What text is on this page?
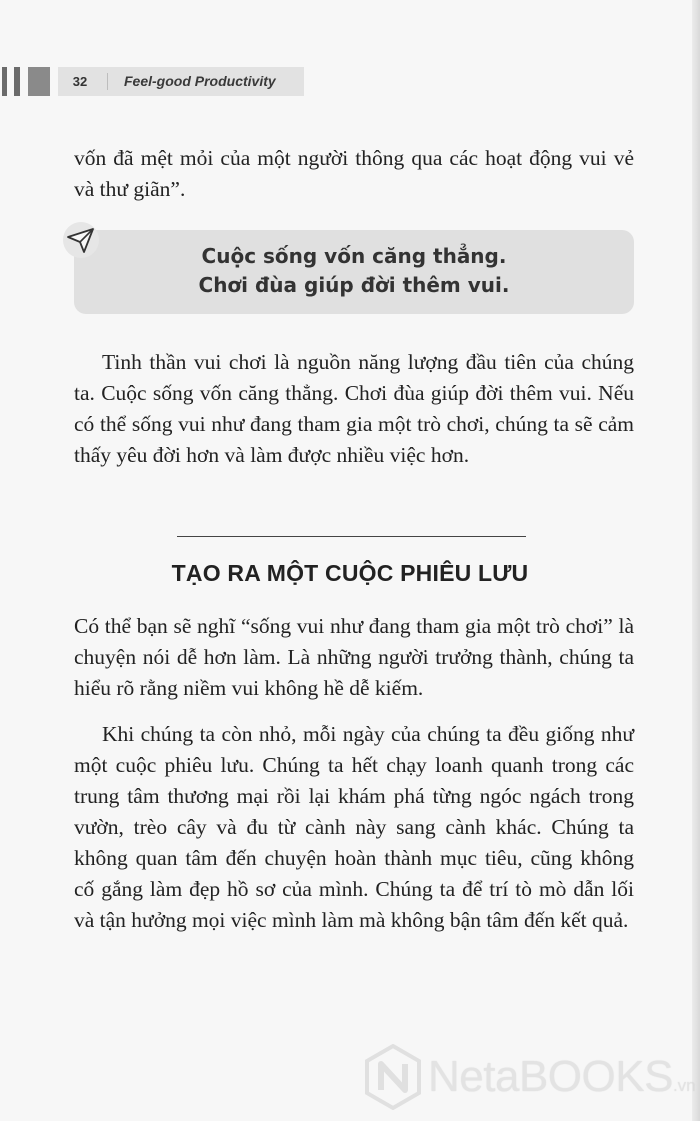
32	Feel-good Productivity

vốn đã mệt mỏi của một người thông qua các hoạt động vui vẻ và thư giãn”.

Cuộc sống vốn căng thẳng.
Chơi đùa giúp đời thêm vui.

Tinh thần vui chơi là nguồn năng lượng đầu tiên của chúng ta. Cuộc sống vốn căng thẳng. Chơi đùa giúp đời thêm vui. Nếu có thể sống vui như đang tham gia một trò chơi, chúng ta sẽ cảm thấy yêu đời hơn và làm được nhiều việc hơn.

TẠO RA MỘT CUỘC PHIÊU LƯU

Có thể bạn sẽ nghĩ “sống vui như đang tham gia một trò chơi” là chuyện nói dễ hơn làm. Là những người trưởng thành, chúng ta hiểu rõ rằng niềm vui không hề dễ kiếm.

Khi chúng ta còn nhỏ, mỗi ngày của chúng ta đều giống như một cuộc phiêu lưu. Chúng ta hết chạy loanh quanh trong các trung tâm thương mại rồi lại khám phá từng ngóc ngách trong vườn, trèo cây và đu từ cành này sang cành khác. Chúng ta không quan tâm đến chuyện hoàn thành mục tiêu, cũng không cố gắng làm đẹp hồ sơ của mình. Chúng ta để trí tò mò dẫn lối và tận hưởng mọi việc mình làm mà không bận tâm đến kết quả.

NetaBOOKS.vn
